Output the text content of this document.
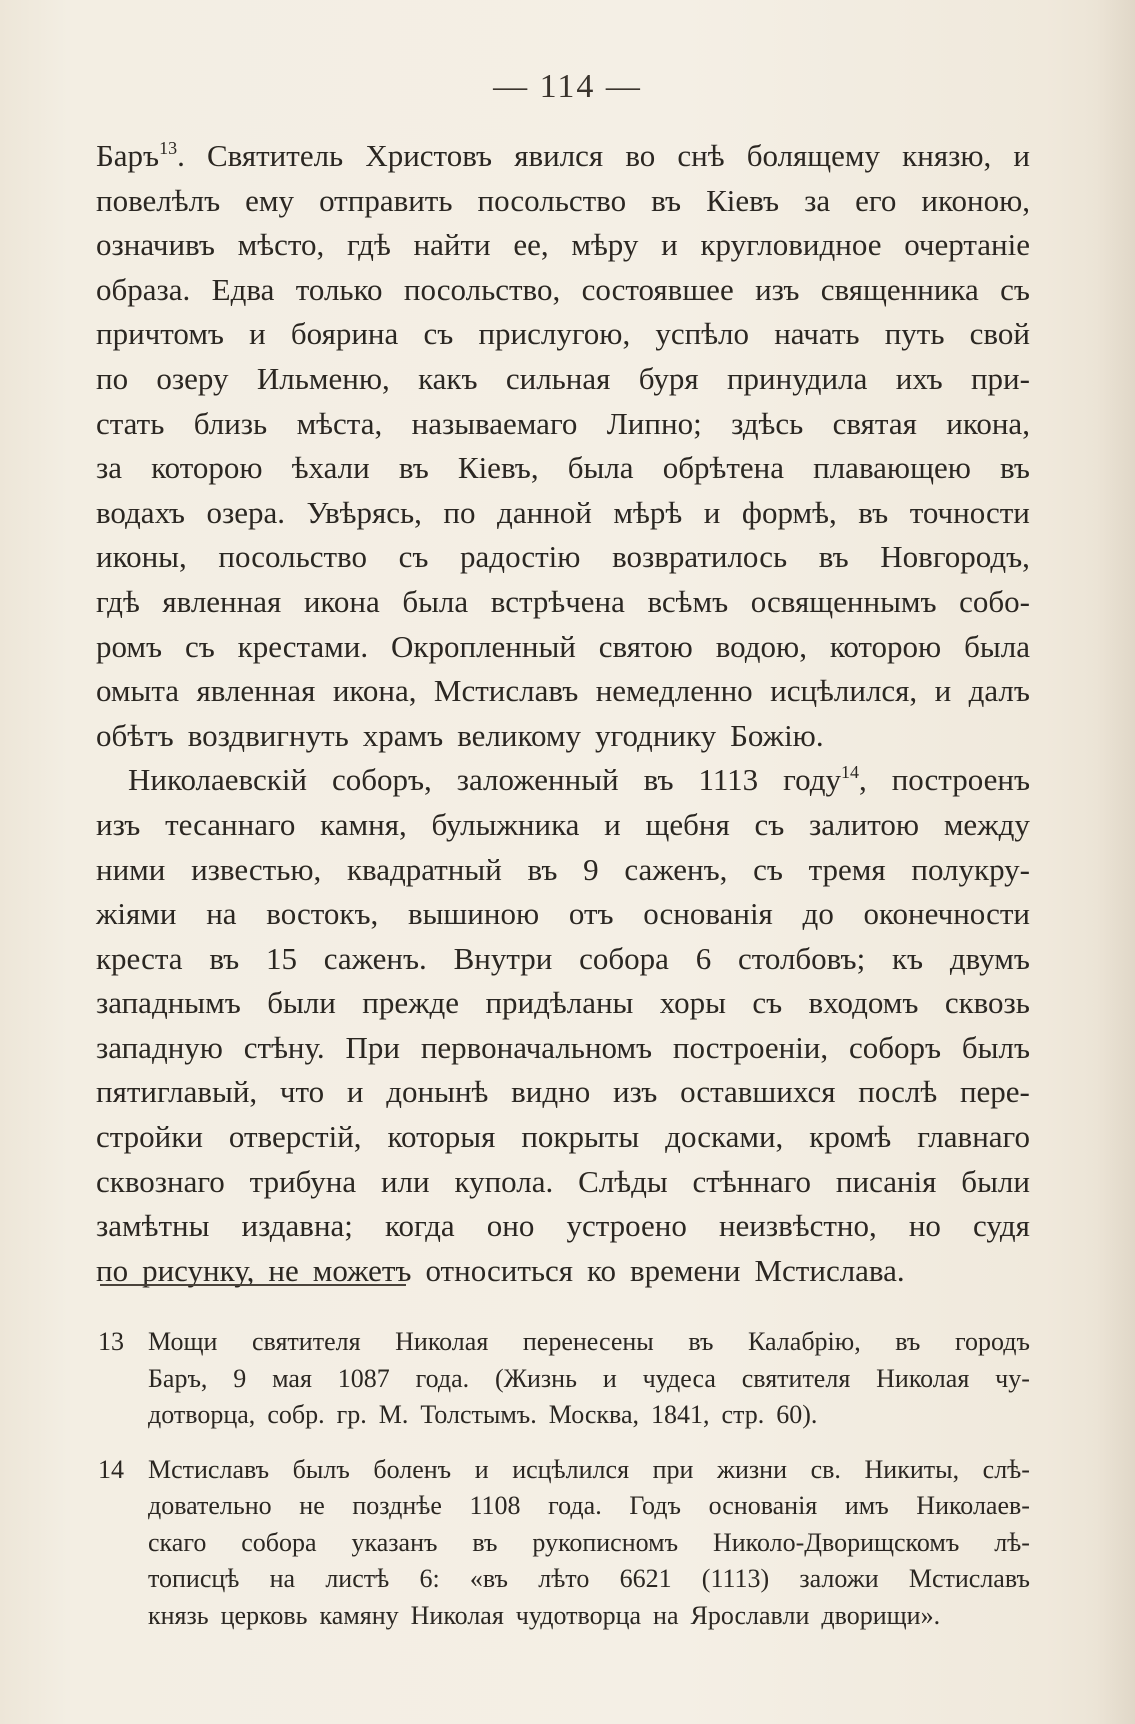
— 114 —
Баръ$^{13}$. Святитель Христовъ явился во снѣ болящему князю, и
повелѣлъ ему отправить посольство въ Кіевъ за его иконою,
означивъ мѣсто, гдѣ найти ее, мѣру и кругловидное очертаніе
образа. Едва только посольство, состоявшее изъ священника съ
причтомъ и боярина съ прислугою, успѣло начать путь свой
по озеру Ильменю, какъ сильная буря принудила ихъ при-
стать близь мѣста, называемаго Липно; здѣсь святая икона,
за которою ѣхали въ Кіевъ, была обрѣтена плавающею въ
водахъ озера. Увѣрясь, по данной мѣрѣ и формѣ, въ точности
иконы, посольство съ радостію возвратилось въ Новгородъ,
гдѣ явленная икона была встрѣчена всѣмъ освященнымъ собо-
ромъ съ крестами. Окропленный святою водою, которою была
омыта явленная икона, Мстиславъ немедленно исцѣлился, и далъ
обѣтъ воздвигнуть храмъ великому угоднику Божію.
Николаевскій соборъ, заложенный въ 1113 году$^{14}$, построенъ
изъ тесаннаго камня, булыжника и щебня съ залитою между
ними известью, квадратный въ 9 саженъ, съ тремя полукру-
жіями на востокъ, вышиною отъ основанія до оконечности
креста въ 15 саженъ. Внутри собора 6 столбовъ; къ двумъ
западнымъ были прежде придѣланы хоры съ входомъ сквозь
западную стѣну. При первоначальномъ построеніи, соборъ былъ
пятиглавый, что и донынѣ видно изъ оставшихся послѣ пере-
стройки отверстій, которыя покрыты досками, кромѣ главнаго
сквознаго трибуна или купола. Слѣды стѣннаго писанія были
замѣтны издавна; когда оно устроено неизвѣстно, но судя
по рисунку, не можетъ относиться ко времени Мстислава.
13 Мощи святителя Николая перенесены въ Калабрію, въ городъ
Баръ, 9 мая 1087 года. (Жизнь и чудеса святителя Николая чу-
дотворца, собр. гр. М. Толстымъ. Москва, 1841, стр. 60).
14 Мстиславъ былъ боленъ и исцѣлился при жизни св. Никиты, слѣ-
довательно не позднѣе 1108 года. Годъ основанія имъ Николаев-
скаго собора указанъ въ рукописномъ Николо-Дворищскомъ лѣ-
тописцѣ на листѣ 6: «въ лѣто 6621 (1113) заложи Мстиславъ
князь церковь камяну Николая чудотворца на Ярославли дворищи».
